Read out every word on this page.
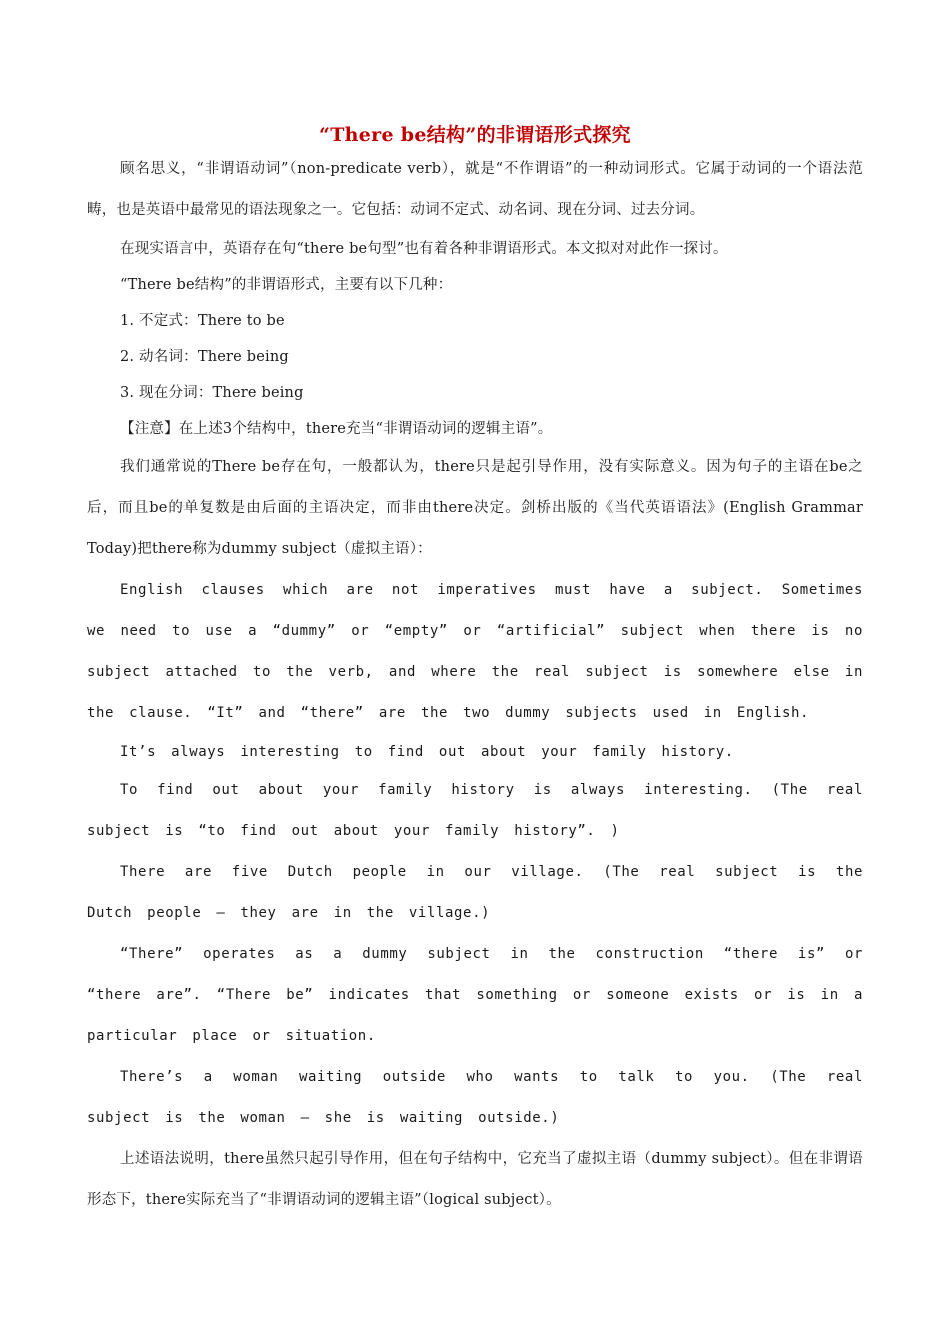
“There be结构”的非谓语形式探究

顾名思义，“非谓语动词”（non-predicate verb），就是“不作谓语”的一种动词形式。它属于动词的一个语法范畴，也是英语中最常见的语法现象之一。它包括：动词不定式、动名词、现在分词、过去分词。

在现实语言中，英语存在句“there be句型”也有着各种非谓语形式。本文拟对对此作一探讨。

“There be结构”的非谓语形式，主要有以下几种：

1. 不定式：There to be

2. 动名词：There being

3. 现在分词：There being

【注意】在上述3个结构中，there充当“非谓语动词的逻辑主语”。

我们通常说的There be存在句，一般都认为，there只是起引导作用，没有实际意义。因为句子的主语在be之后，而且be的单复数是由后面的主语决定，而非由there决定。剑桥出版的《当代英语语法》(English Grammar Today)把there称为dummy subject（虚拟主语）：

English clauses which are not imperatives must have a subject. Sometimes we need to use a “dummy” or “empty” or “artificial” subject when there is no subject attached to the verb, and where the real subject is somewhere else in the clause. “It” and “there” are the two dummy subjects used in English.

It’s always interesting to find out about your family history.

To find out about your family history is always interesting. (The real subject is “to find out about your family history”. )

There are five Dutch people in our village. (The real subject is the Dutch people – they are in the village.)

“There” operates as a dummy subject in the construction “there is” or “there are”. “There be” indicates that something or someone exists or is in a particular place or situation.

There’s a woman waiting outside who wants to talk to you. (The real subject is the woman – she is waiting outside.)

上述语法说明，there虽然只起引导作用，但在句子结构中，它充当了虚拟主语（dummy subject）。但在非谓语形态下，there实际充当了“非谓语动词的逻辑主语”（logical subject）。
